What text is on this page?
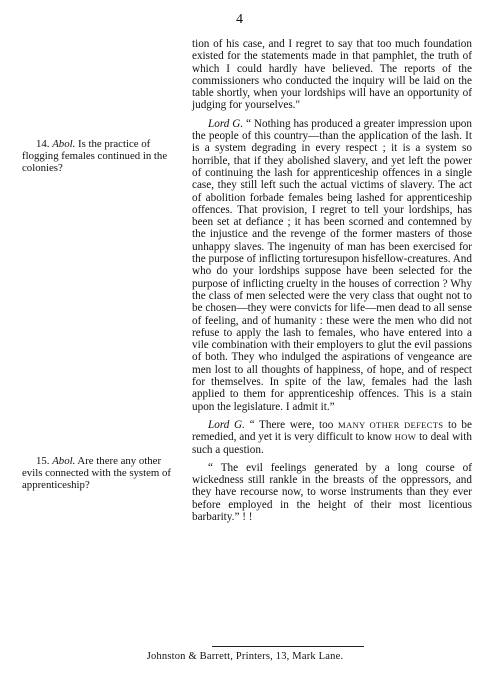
4

tion of his case, and I regret to say that too much foundation existed for the statements made in that pamphlet, the truth of which I could hardly have believed. The reports of the commissioners who conducted the inquiry will be laid on the table shortly, when your lordships will have an opportunity of judging for yourselves."

Lord G. “ Nothing has produced a greater impression upon the people of this country—than the application of the lash. It is a system degrading in every respect ; it is a system so horrible, that if they abolished slavery, and yet left the power of continuing the lash for apprenticeship offences in a single case, they still left such the actual victims of slavery. The act of abolition forbade females being lashed for apprenticeship offences. That provision, I regret to tell your lordships, has been set at defiance ; it has been scorned and contemned by the injustice and the revenge of the former masters of those unhappy slaves. The ingenuity of man has been exercised for the purpose of inflicting torturesupon hisfellow-creatures. And who do your lordships suppose have been selected for the purpose of inflicting cruelty in the houses of correction ? Why the class of men selected were the very class that ought not to be chosen—they were convicts for life—men dead to all sense of feeling, and of humanity : these were the men who did not refuse to apply the lash to females, who have entered into a vile combination with their employers to glut the evil passions of both. They who indulged the aspirations of vengeance are men lost to all thoughts of happiness, of hope, and of respect for themselves. In spite of the law, females had the lash applied to them for apprenticeship offences. This is a stain upon the legislature. I admit it.”

Lord G. “ There were, too MANY OTHER DEFECTS to be remedied, and yet it is very difficult to know HOW to deal with such a question.

“ The evil feelings generated by a long course of wickedness still rankle in the breasts of the oppressors, and they have recourse now, to worse instruments than they ever before employed in the height of their most licentious barbarity.” ! !

14. Abol. Is the practice of flogging females continued in the colonies?
15. Abol. Are there any other evils connected with the system of apprenticeship?
Johnston & Barrett, Printers, 13, Mark Lane.
